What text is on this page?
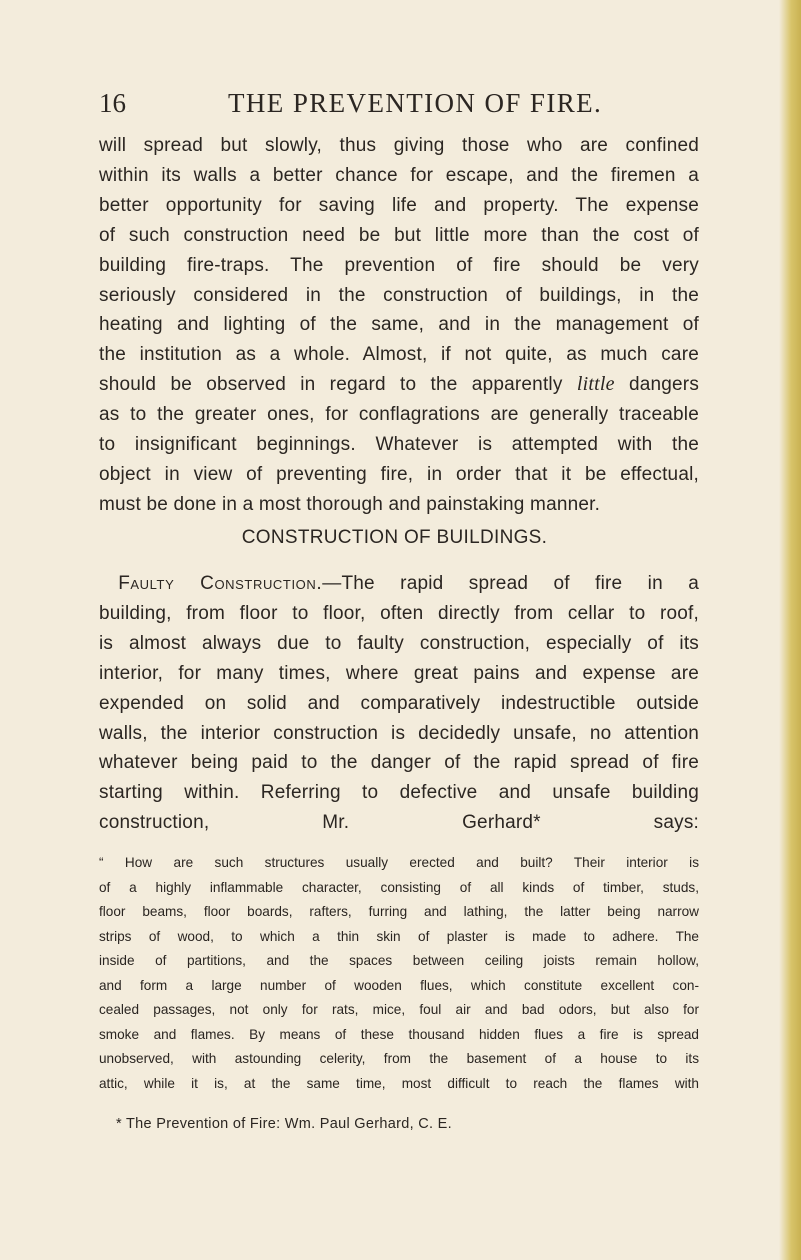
16	THE PREVENTION OF FIRE.
will spread but slowly, thus giving those who are confined
within its walls a better chance for escape, and the firemen a
better opportunity for saving life and property. The expense
of such construction need be but little more than the cost of
building fire-traps. The prevention of fire should be very
seriously considered in the construction of buildings, in the
heating and lighting of the same, and in the management of
the institution as a whole. Almost, if not quite, as much care
should be observed in regard to the apparently little dangers
as to the greater ones, for conflagrations are generally traceable
to insignificant beginnings. Whatever is attempted with the
object in view of preventing fire, in order that it be effectual,
must be done in a most thorough and painstaking manner.
CONSTRUCTION OF BUILDINGS.
 Faulty Construction.—The rapid spread of fire in a
building, from floor to floor, often directly from cellar to roof,
is almost always due to faulty construction, especially of its
interior, for many times, where great pains and expense are
expended on solid and comparatively indestructible outside
walls, the interior construction is decidedly unsafe, no attention
whatever being paid to the danger of the rapid spread of fire
starting within. Referring to defective and unsafe building
construction, Mr. Gerhard* says:
“ How are such structures usually erected and built? Their interior is
of a highly inflammable character, consisting of all kinds of timber, studs,
floor beams, floor boards, rafters, furring and lathing, the latter being narrow
strips of wood, to which a thin skin of plaster is made to adhere. The
inside of partitions, and the spaces between ceiling joists remain hollow,
and form a large number of wooden flues, which constitute excellent con-
cealed passages, not only for rats, mice, foul air and bad odors, but also for
smoke and flames. By means of these thousand hidden flues a fire is spread
unobserved, with astounding celerity, from the basement of a house to its
attic, while it is, at the same time, most difficult to reach the flames with
* The Prevention of Fire: Wm. Paul Gerhard, C. E.
